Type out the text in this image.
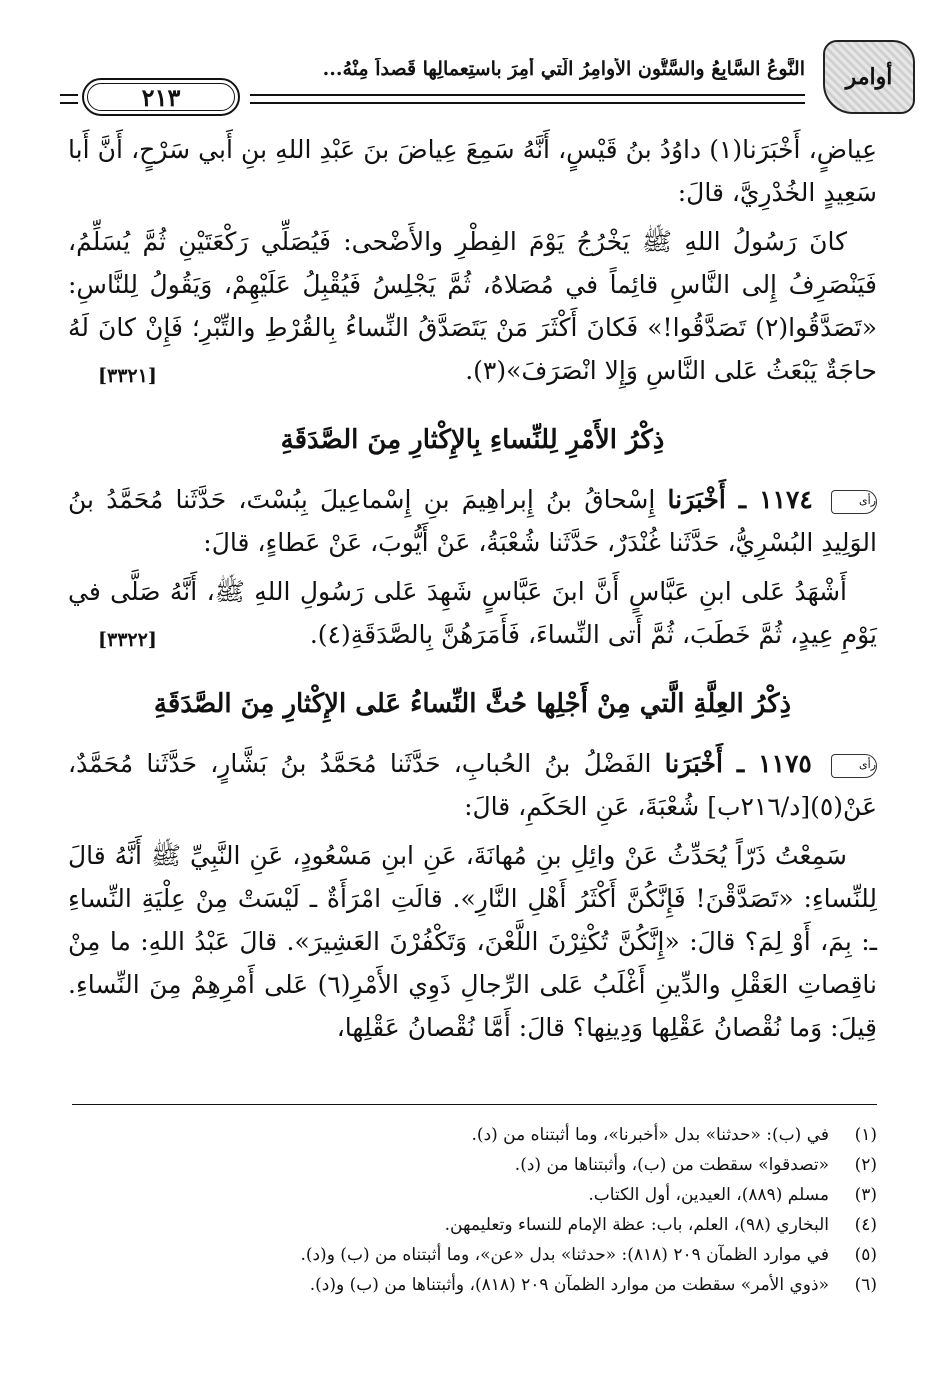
أوامر
النَّوعُ السَّابِعُ والسَّتُّون الأوامِرُ الَّتي أُمِرَ باستِعمالِها قَصداً مِنْهُ...
٢١٣

عِياضٍ، أَخْبَرَنا(١) داوُدُ بنُ قَيْسٍ، أَنَّهُ سَمِعَ عِياضَ بنَ عَبْدِ اللهِ بنِ أَبي سَرْحٍ، أَنَّ أَبا سَعِيدٍ الخُدْرِيَّ، قالَ:

كانَ رَسُولُ اللهِ ﷺ يَخْرُجُ يَوْمَ الفِطْرِ والأَضْحى: فَيُصَلِّي رَكْعَتَيْنِ ثُمَّ يُسَلِّمُ، فَيَنْصَرِفُ إِلى النَّاسِ قائِماً في مُصَلاهُ، ثُمَّ يَجْلِسُ فَيُقْبِلُ عَلَيْهِمْ، وَيَقُولُ لِلنَّاسِ: «تَصَدَّقُوا(٢) تَصَدَّقُوا!» فَكانَ أَكْثَرَ مَنْ يَتَصَدَّقُ النِّساءُ بِالقُرْطِ والتِّبْرِ؛ فَإِنْ كانَ لَهُ حاجَةٌ يَبْعَثُ عَلى النَّاسِ وَإِلا انْصَرَفَ»(٣).
[٣٣٢١]

ذِكْرُ الأَمْرِ لِلنِّساءِ بِالإِكْثارِ مِنَ الصَّدَقَةِ

رأى ١١٧٤ ـ أَخْبَرَنا إِسْحاقُ بنُ إِبراهِيمَ بنِ إِسْماعِيلَ بِبُسْتَ، حَدَّثَنا مُحَمَّدُ بنُ الوَلِيدِ البُسْرِيُّ، حَدَّثَنا غُنْدَرٌ، حَدَّثَنا شُعْبَةُ، عَنْ أَيُّوبَ، عَنْ عَطاءٍ، قالَ:

أَشْهَدُ عَلى ابنِ عَبَّاسٍ أَنَّ ابنَ عَبَّاسٍ شَهِدَ عَلى رَسُولِ اللهِ ﷺ، أَنَّهُ صَلَّى في يَوْمِ عِيدٍ، ثُمَّ خَطَبَ، ثُمَّ أَتى النِّساءَ، فَأَمَرَهُنَّ بِالصَّدَقَةِ(٤).
[٣٣٢٢]

ذِكْرُ العِلَّةِ الَّتي مِنْ أَجْلِها حُثَّ النِّساءُ عَلى الإِكْثارِ مِنَ الصَّدَقَةِ

رأى ١١٧٥ ـ أَخْبَرَنا الفَضْلُ بنُ الحُبابِ، حَدَّثَنا مُحَمَّدُ بنُ بَشَّارٍ، حَدَّثَنا مُحَمَّدٌ، عَنْ(٥)[د/٢١٦ب] شُعْبَةَ، عَنِ الحَكَمِ، قالَ:

سَمِعْتُ ذَرّاً يُحَدِّثُ عَنْ وائِلِ بنِ مُهانَةَ، عَنِ ابنِ مَسْعُودٍ، عَنِ النَّبِيِّ ﷺ أَنَّهُ قالَ لِلنِّساءِ: «تَصَدَّقْنَ! فَإِنَّكُنَّ أَكْثَرُ أَهْلِ النَّارِ». قالَتِ امْرَأَةٌ ـ لَيْسَتْ مِنْ عِلْيَةِ النِّساءِ ـ: بِمَ، أَوْ لِمَ؟ قالَ: «إِنَّكُنَّ تُكْثِرْنَ اللَّعْنَ، وَتَكْفُرْنَ العَشِيرَ». قالَ عَبْدُ اللهِ: ما مِنْ ناقِصاتِ العَقْلِ والدِّينِ أَغْلَبُ عَلى الرِّجالِ ذَوِي الأَمْرِ(٦) عَلى أَمْرِهِمْ مِنَ النِّساءِ. قِيلَ: وَما نُقْصانُ عَقْلِها وَدِينِها؟ قالَ: أَمَّا نُقْصانُ عَقْلِها،

(١)في (ب): «حدثنا» بدل «أخبرنا»، وما أثبتناه من (د).

(٢)«تصدقوا» سقطت من (ب)، وأثبتناها من (د).

(٣)مسلم (٨٨٩)، العيدين، أول الكتاب.

(٤)البخاري (٩٨)، العلم، باب: عظة الإمام للنساء وتعليمهن.

(٥)في موارد الظمآن ٢٠٩ (٨١٨): «حدثنا» بدل «عن»، وما أثبتناه من (ب) و(د).

(٦)«ذوي الأمر» سقطت من موارد الظمآن ٢٠٩ (٨١٨)، وأثبتناها من (ب) و(د).
